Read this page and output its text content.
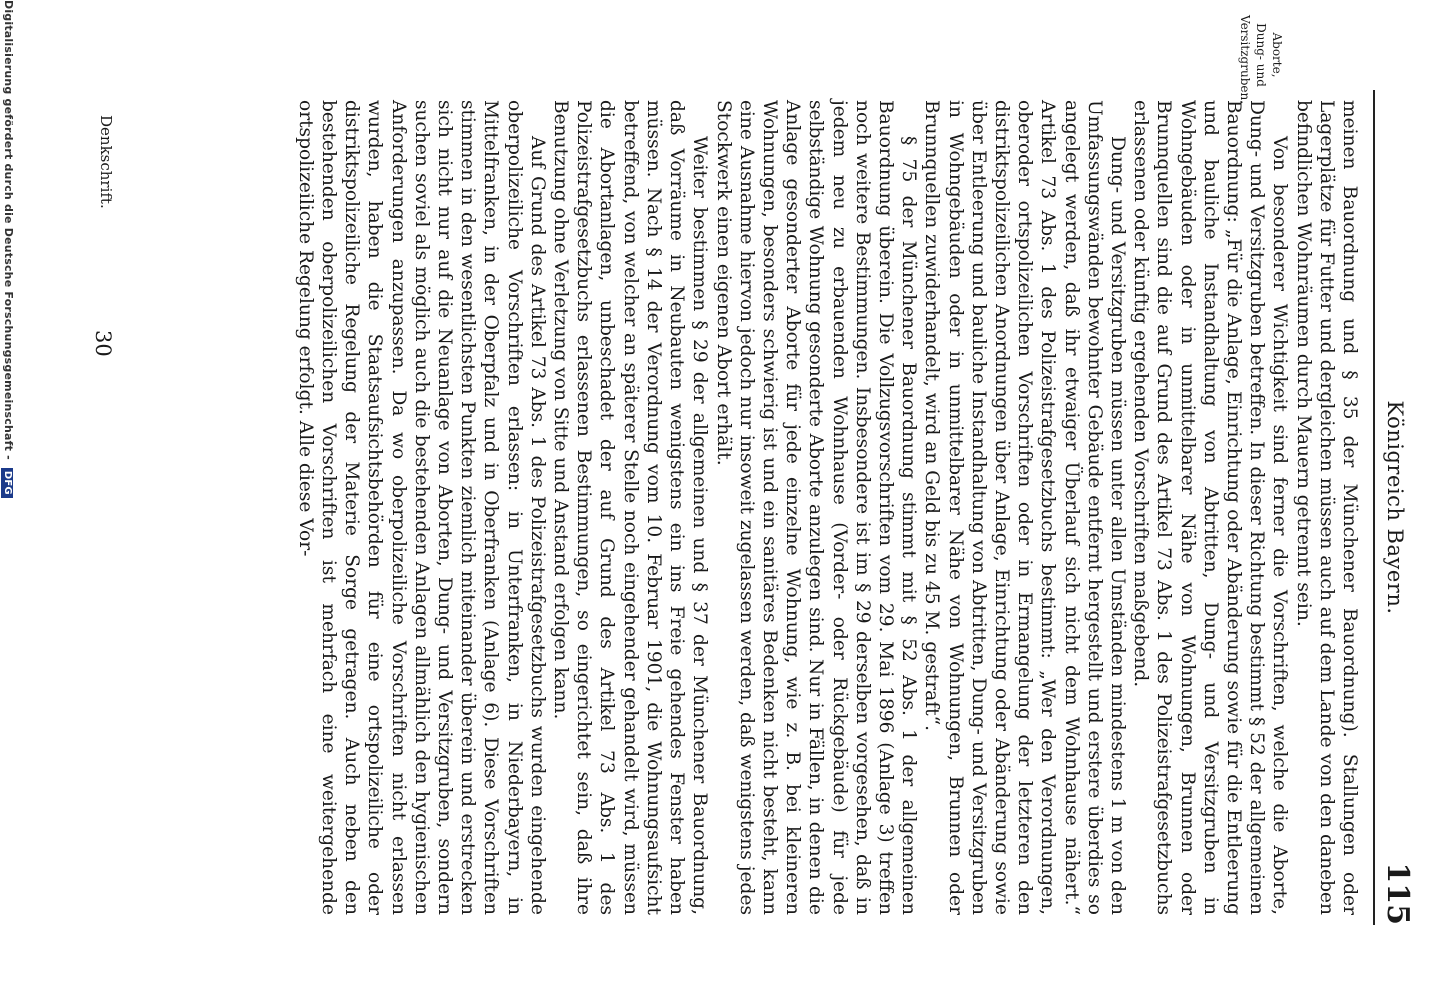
Königreich Bayern.
115
Aborte, Dung- und Versitzgruben.

meinen Bauordnung und § 35 der Münchener Bauordnung). Stallungen oder Lagerplätze für Futter und dergleichen müssen auch auf dem Lande von den daneben befindlichen Wohnräumen durch Mauern getrennt sein.

Von besonderer Wichtigkeit sind ferner die Vorschriften, welche die Aborte, Dung- und Versitzgruben betreffen. In dieser Richtung bestimmt § 52 der allgemeinen Bauordnung: „Für die Anlage, Einrichtung oder Abänderung sowie für die Entleerung und bauliche Instandhaltung von Abtritten, Dung- und Versitzgruben in Wohngebäuden oder in unmittelbarer Nähe von Wohnungen, Brunnen oder Brunnquellen sind die auf Grund des Artikel 73 Abs. 1 des Polizeistrafgesetzbuchs erlassenen oder künftig ergehenden Vorschriften maßgebend.

Dung- und Versitzgruben müssen unter allen Umständen mindestens 1 m von den Umfassungswänden bewohnter Gebäude entfernt hergestellt und erstere überdies so angelegt werden, daß ihr etwaiger Überlauf sich nicht dem Wohnhause nähert.“ Artikel 73 Abs. 1 des Polizeistrafgesetzbuchs bestimmt: „Wer den Verordnungen, oberoder ortspolizeilichen Vorschriften oder in Ermangelung der letzteren den distriktspolizeilichen Anordnungen über Anlage, Einrichtung oder Abänderung sowie über Entleerung und bauliche Instandhaltung von Abtritten, Dung- und Versitzgruben in Wohngebäuden oder in unmittelbarer Nähe von Wohnungen, Brunnen oder Brunnquellen zuwiderhandelt, wird an Geld bis zu 45 M. gestraft“.

§ 75 der Münchener Bauordnung stimmt mit § 52 Abs. 1 der allgemeinen Bauordnung überein. Die Vollzugsvorschriften vom 29. Mai 1896 (Anlage 3) treffen noch weitere Bestimmungen. Insbesondere ist im § 29 derselben vorgesehen, daß in jedem neu zu erbauenden Wohnhause (Vorder- oder Rückgebäude) für jede selbständige Wohnung gesonderte Aborte anzulegen sind. Nur in Fällen, in denen die Anlage gesonderter Aborte für jede einzelne Wohnung, wie z. B. bei kleineren Wohnungen, besonders schwierig ist und ein sanitäres Bedenken nicht besteht, kann eine Ausnahme hiervon jedoch nur insoweit zugelassen werden, daß wenigstens jedes Stockwerk einen eigenen Abort erhält.

Weiter bestimmen § 29 der allgemeinen und § 37 der Münchener Bauordnung, daß Vorräume in Neubauten wenigstens ein ins Freie gehendes Fenster haben müssen. Nach § 14 der Verordnung vom 10. Februar 1901, die Wohnungsaufsicht betreffend, von welcher an späterer Stelle noch eingehender gehandelt wird, müssen die Abortanlagen, unbeschadet der auf Grund des Artikel 73 Abs. 1 des Polizeistrafgesetzbuchs erlassenen Bestimmungen, so eingerichtet sein, daß ihre Benutzung ohne Verletzung von Sitte und Anstand erfolgen kann.

Auf Grund des Artikel 73 Abs. 1 des Polizeistrafgesetzbuchs wurden eingehende oberpolizeiliche Vorschriften erlassen: in Unterfranken, in Niederbayern, in Mittelfranken, in der Oberpfalz und in Oberfranken (Anlage 6). Diese Vorschriften stimmen in den wesentlichsten Punkten ziemlich miteinander überein und erstrecken sich nicht nur auf die Neuanlage von Aborten, Dung- und Versitzgruben, sondern suchen soviel als möglich auch die bestehenden Anlagen allmählich den hygienischen Anforderungen anzupassen. Da wo oberpolizeiliche Vorschriften nicht erlassen wurden, haben die Staatsaufsichtsbehörden für eine ortspolizeiliche oder distriktspolizeiliche Regelung der Materie Sorge getragen. Auch neben den bestehenden oberpolizeilichen Vorschriften ist mehrfach eine weitergehende ortspolizeiliche Regelung erfolgt. Alle diese Vor-

Denkschrift.
30
Digitalisierung gefördert durch die Deutsche Forschungsgemeinschaft - DFG
